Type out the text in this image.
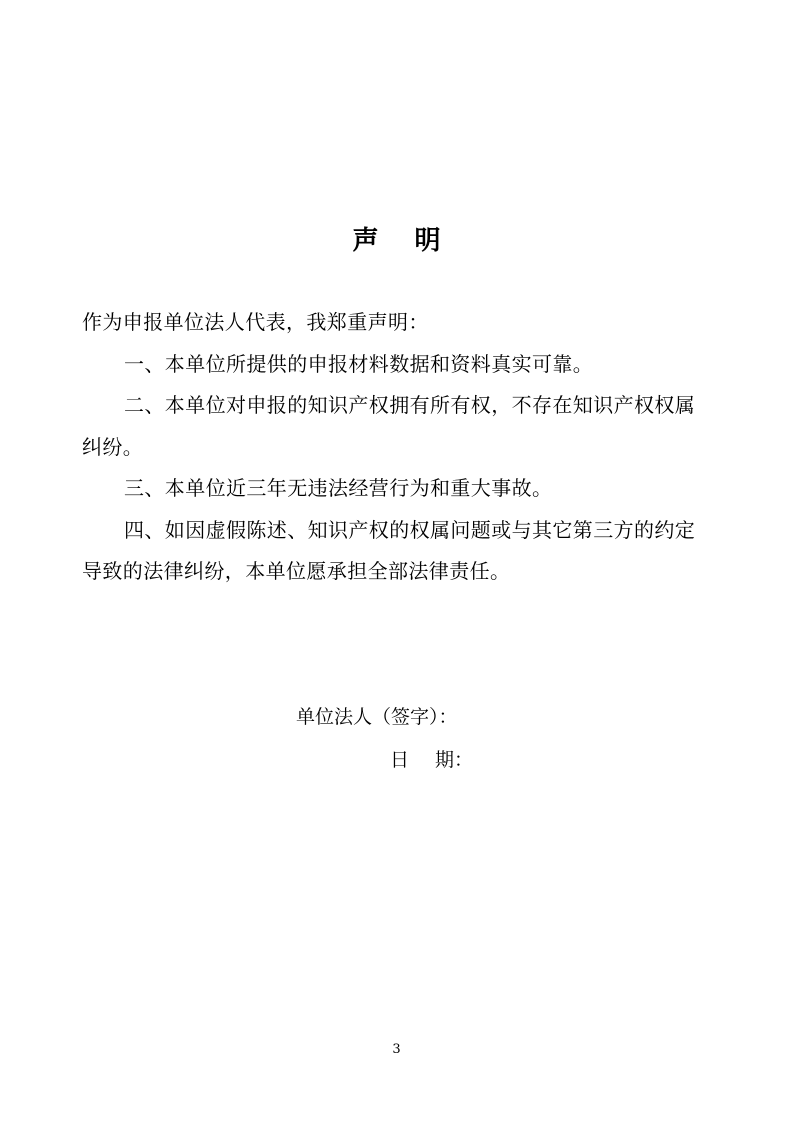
声明

作为申报单位法人代表，我郑重声明：

一、本单位所提供的申报材料数据和资料真实可靠。

二、本单位对申报的知识产权拥有所有权，不存在知识产权权属纠纷。

三、本单位近三年无违法经营行为和重大事故。

四、如因虚假陈述、知识产权的权属问题或与其它第三方的约定导致的法律纠纷，本单位愿承担全部法律责任。

单位法人（签字）：
日 期：
3
